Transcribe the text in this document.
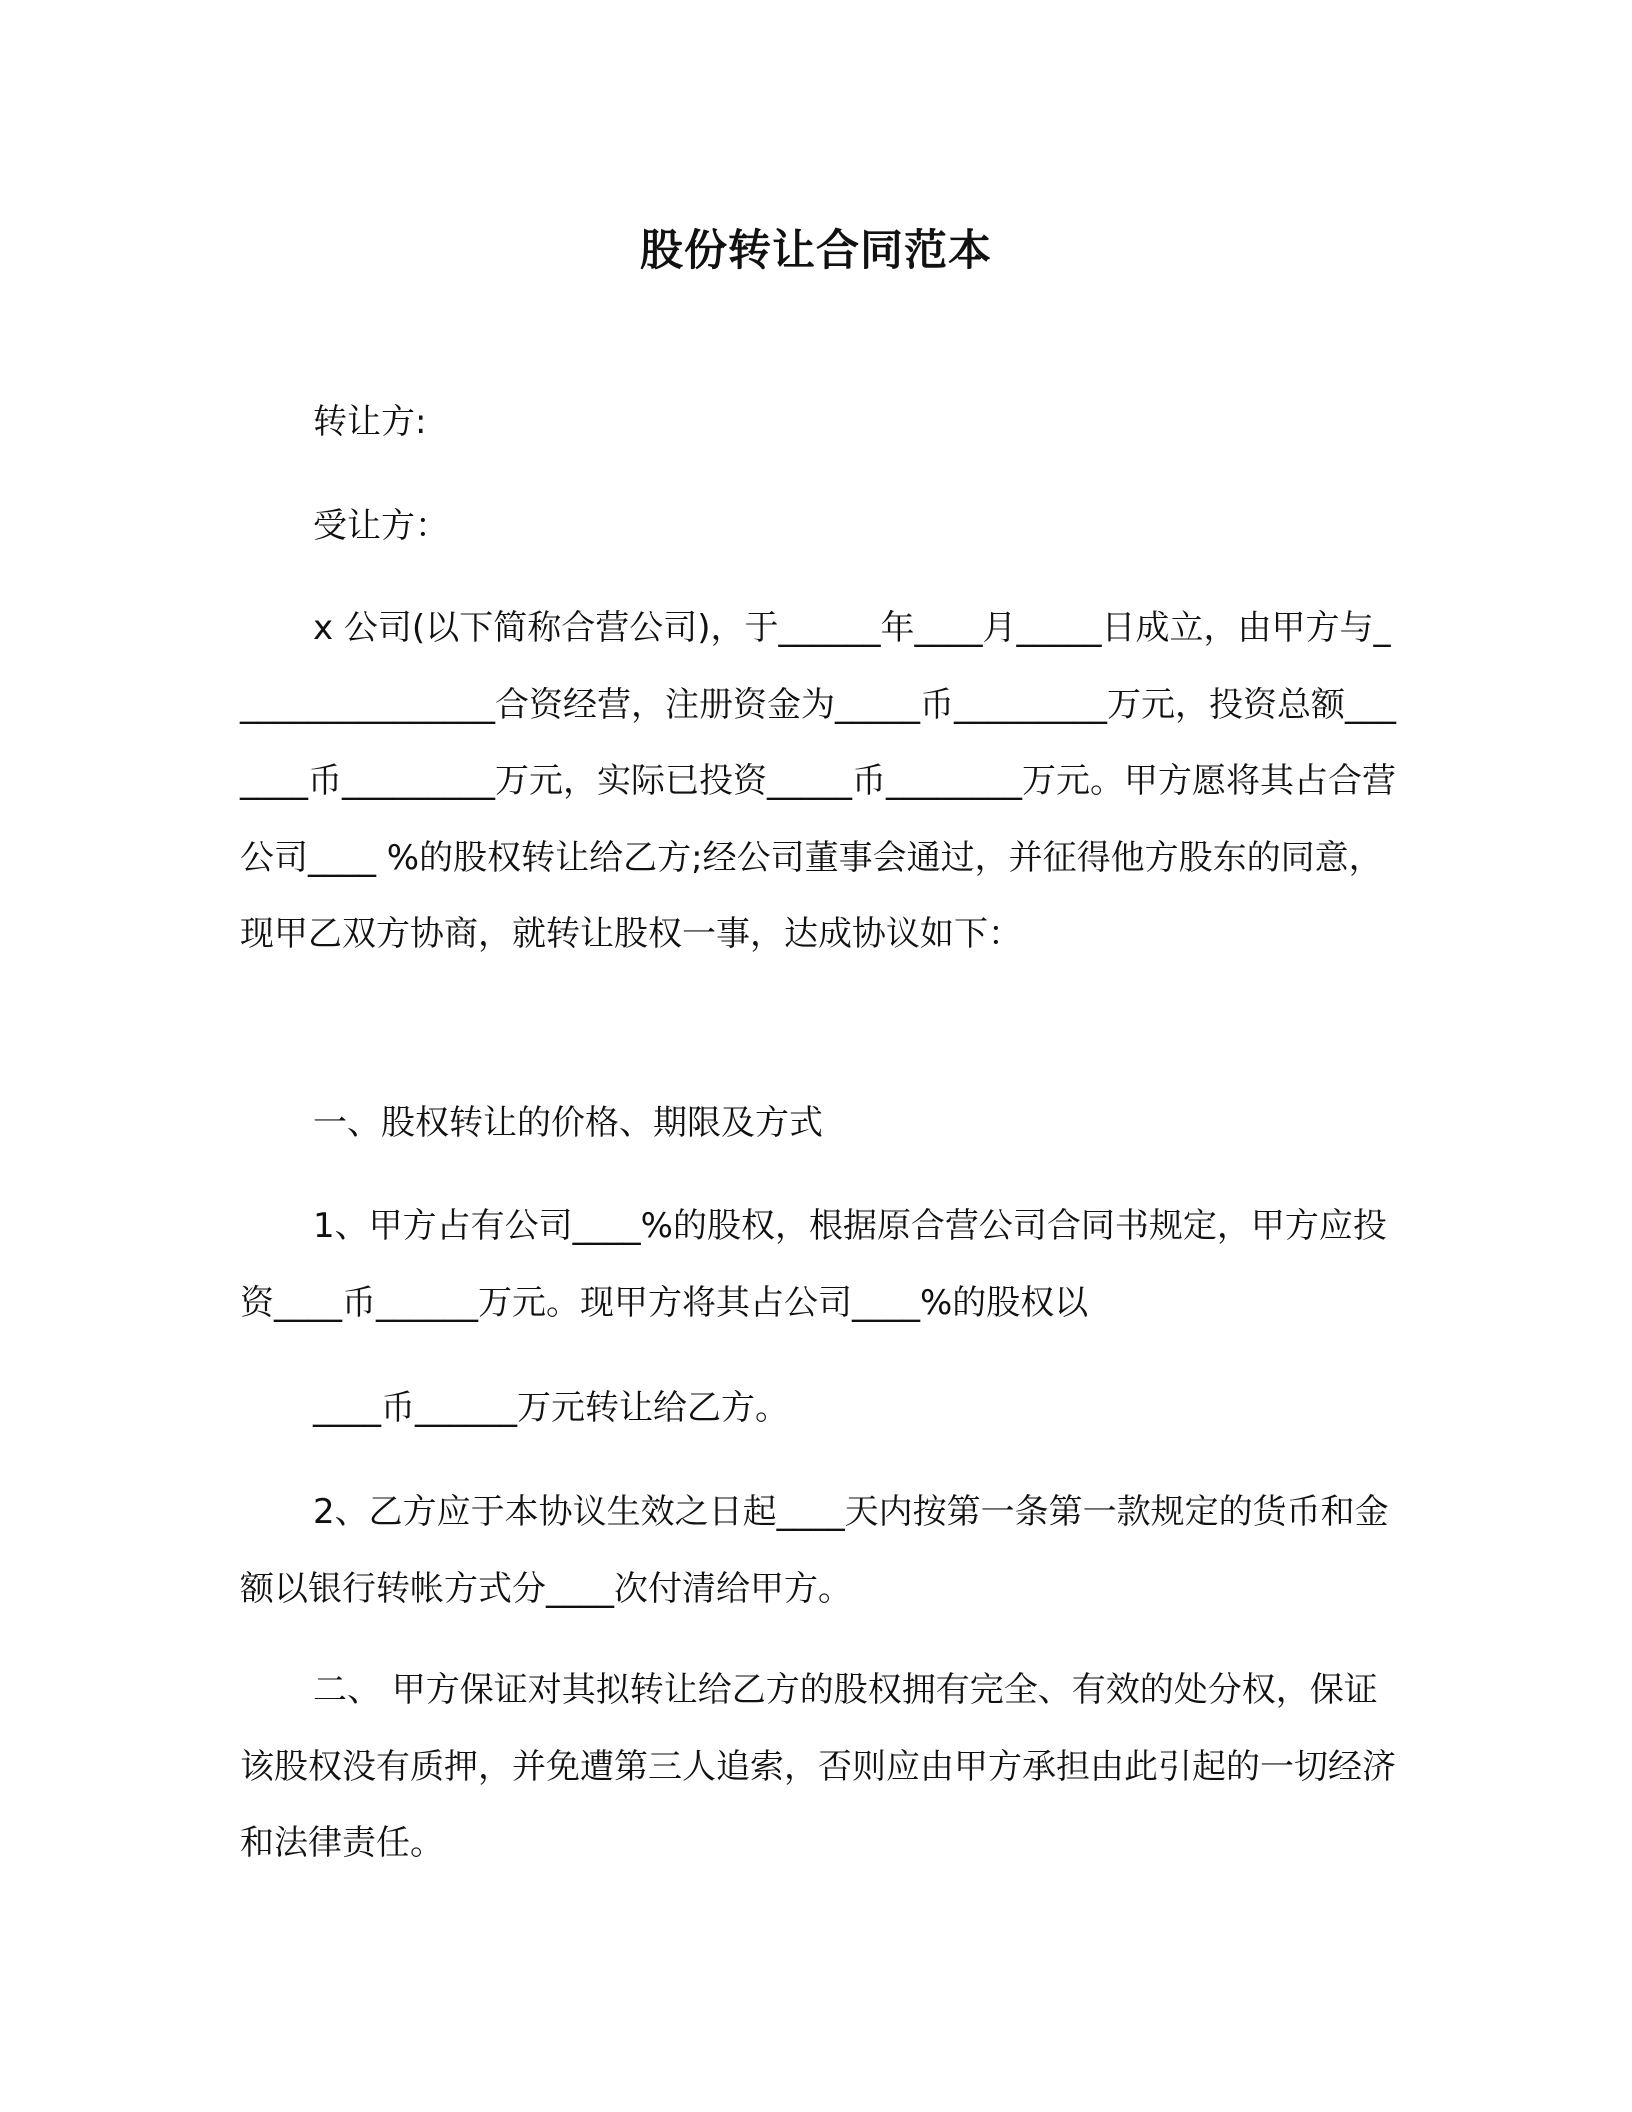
股份转让合同范本

转让方:

受让方：

x 公司(以下简称合营公司)，于______年____月_____日成立，由甲方与________________合资经营，注册资金为_____币_________万元，投资总额_______币_________万元，实际已投资_____币________万元。甲方愿将其占合营公司____ %的股权转让给乙方;经公司董事会通过，并征得他方股东的同意，现甲乙双方协商，就转让股权一事，达成协议如下：

一、股权转让的价格、期限及方式

1、甲方占有公司____%的股权，根据原合营公司合同书规定，甲方应投资____币______万元。现甲方将其占公司____%的股权以

____币______万元转让给乙方。

2、乙方应于本协议生效之日起____天内按第一条第一款规定的货币和金额以银行转帐方式分____次付清给甲方。

二、 甲方保证对其拟转让给乙方的股权拥有完全、有效的处分权，保证该股权没有质押，并免遭第三人追索，否则应由甲方承担由此引起的一切经济和法律责任。
